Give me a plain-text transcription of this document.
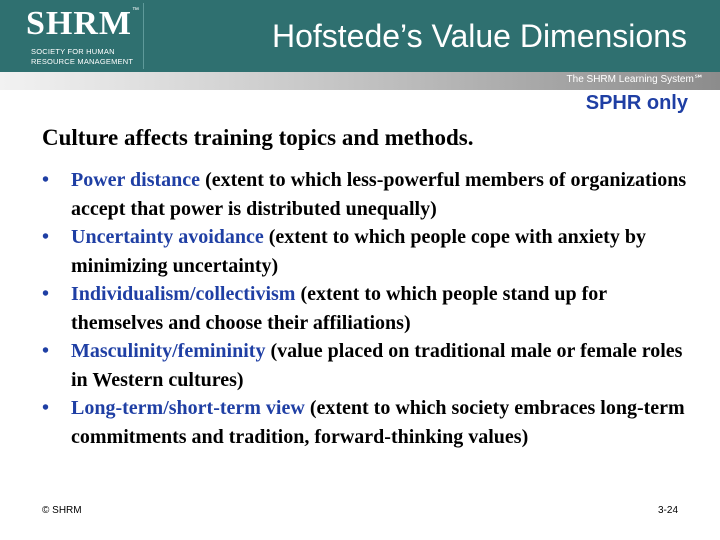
SHRM ™
SOCIETY FOR HUMAN
RESOURCE MANAGEMENT
Hofstede’s Value Dimensions
The SHRM Learning System℠
SPHR only
Culture affects training topics and methods.
• Power distance (extent to which less-powerful members of organizations accept that power is distributed unequally)
• Uncertainty avoidance (extent to which people cope with anxiety by minimizing uncertainty)
• Individualism/collectivism (extent to which people stand up for themselves and choose their affiliations)
• Masculinity/femininity (value placed on traditional male or female roles in Western cultures)
• Long-term/short-term view (extent to which society embraces long-term commitments and tradition, forward-thinking values)
© SHRM	3-24
